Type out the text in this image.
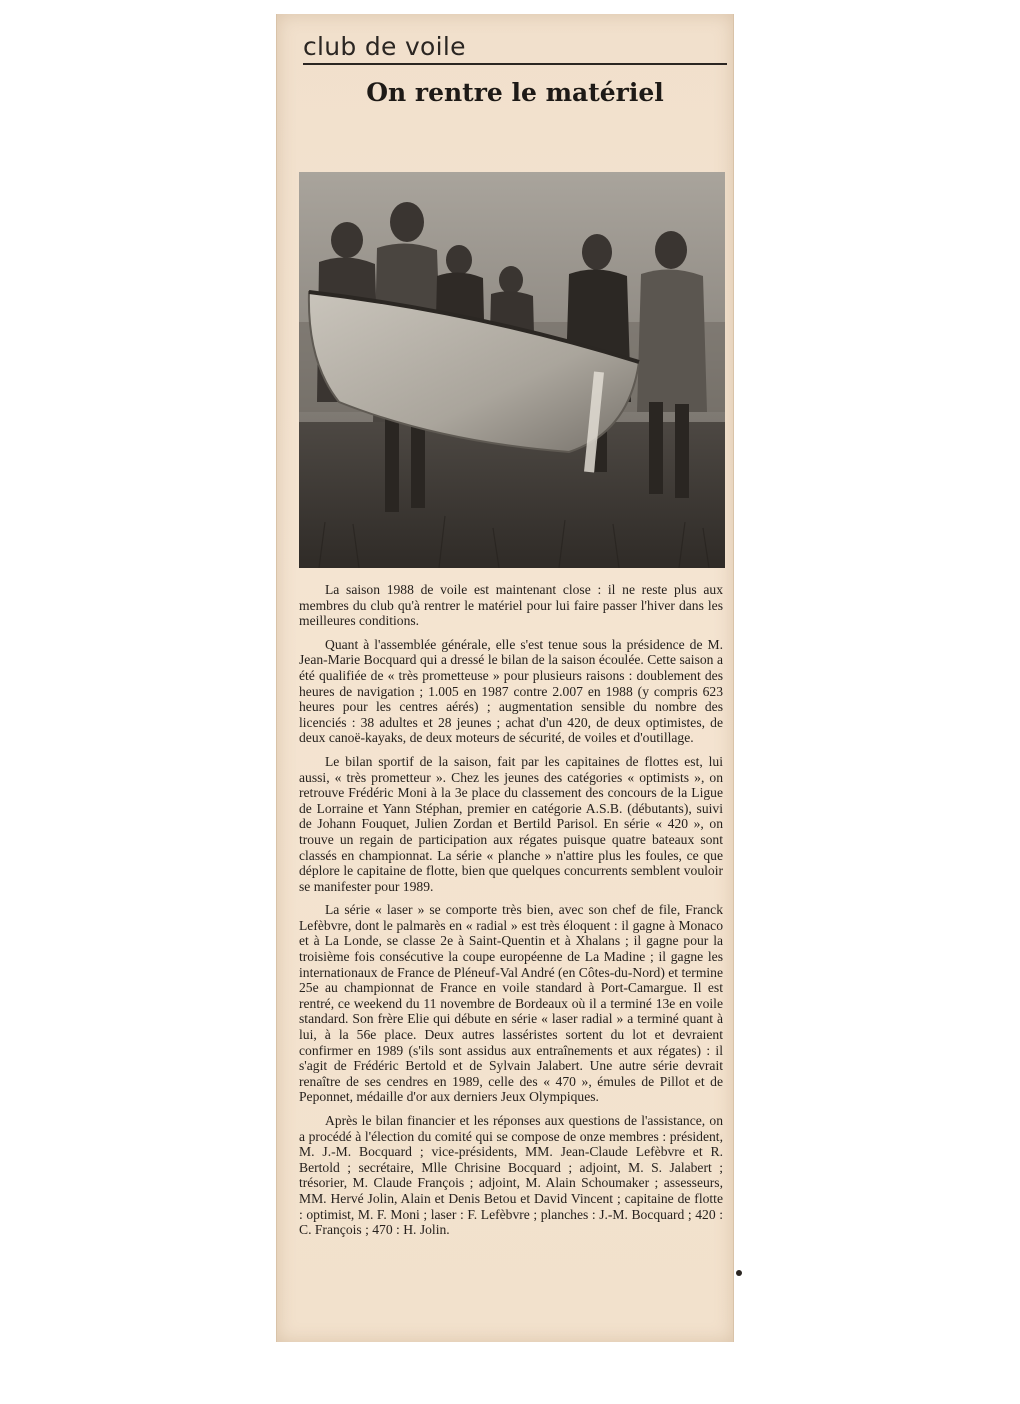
club de voile
On rentre le matériel

La saison 1988 de voile est maintenant close : il ne reste plus aux membres du club qu'à rentrer le matériel pour lui faire passer l'hiver dans les meilleures conditions.

Quant à l'assemblée générale, elle s'est tenue sous la présidence de M. Jean-Marie Bocquard qui a dressé le bilan de la saison écoulée. Cette saison a été qualifiée de « très prometteuse » pour plusieurs raisons : doublement des heures de navigation ; 1.005 en 1987 contre 2.007 en 1988 (y compris 623 heures pour les centres aérés) ; augmentation sensible du nombre des licenciés : 38 adultes et 28 jeunes ; achat d'un 420, de deux optimistes, de deux canoë-kayaks, de deux moteurs de sécurité, de voiles et d'outillage.

Le bilan sportif de la saison, fait par les capitaines de flottes est, lui aussi, « très prometteur ». Chez les jeunes des catégories « optimists », on retrouve Frédéric Moni à la 3e place du classement des concours de la Ligue de Lorraine et Yann Stéphan, premier en catégorie A.S.B. (débutants), suivi de Johann Fouquet, Julien Zordan et Bertild Parisol. En série « 420 », on trouve un regain de participation aux régates puisque quatre bateaux sont classés en championnat. La série « planche » n'attire plus les foules, ce que déplore le capitaine de flotte, bien que quelques concurrents semblent vouloir se manifester pour 1989.

La série « laser » se comporte très bien, avec son chef de file, Franck Lefèbvre, dont le palmarès en « radial » est très éloquent : il gagne à Monaco et à La Londe, se classe 2e à Saint-Quentin et à Xhalans ; il gagne pour la troisième fois consécutive la coupe européenne de La Madine ; il gagne les internationaux de France de Pléneuf-Val André (en Côtes-du-Nord) et termine 25e au championnat de France en voile standard à Port-Camargue. Il est rentré, ce weekend du 11 novembre de Bordeaux où il a terminé 13e en voile standard. Son frère Elie qui débute en série « laser radial » a terminé quant à lui, à la 56e place. Deux autres lasséristes sortent du lot et devraient confirmer en 1989 (s'ils sont assidus aux entraînements et aux régates) : il s'agit de Frédéric Bertold et de Sylvain Jalabert. Une autre série devrait renaître de ses cendres en 1989, celle des « 470 », émules de Pillot et de Peponnet, médaille d'or aux derniers Jeux Olympiques.

Après le bilan financier et les réponses aux questions de l'assistance, on a procédé à l'élection du comité qui se compose de onze membres : président, M. J.-M. Bocquard ; vice-présidents, MM. Jean-Claude Lefèbvre et R. Bertold ; secrétaire, Mlle Chrisine Bocquard ; adjoint, M. S. Jalabert ; trésorier, M. Claude François ; adjoint, M. Alain Schoumaker ; assesseurs, MM. Hervé Jolin, Alain et Denis Betou et David Vincent ; capitaine de flotte : optimist, M. F. Moni ; laser : F. Lefèbvre ; planches : J.-M. Bocquard ; 420 : C. François ; 470 : H. Jolin.
